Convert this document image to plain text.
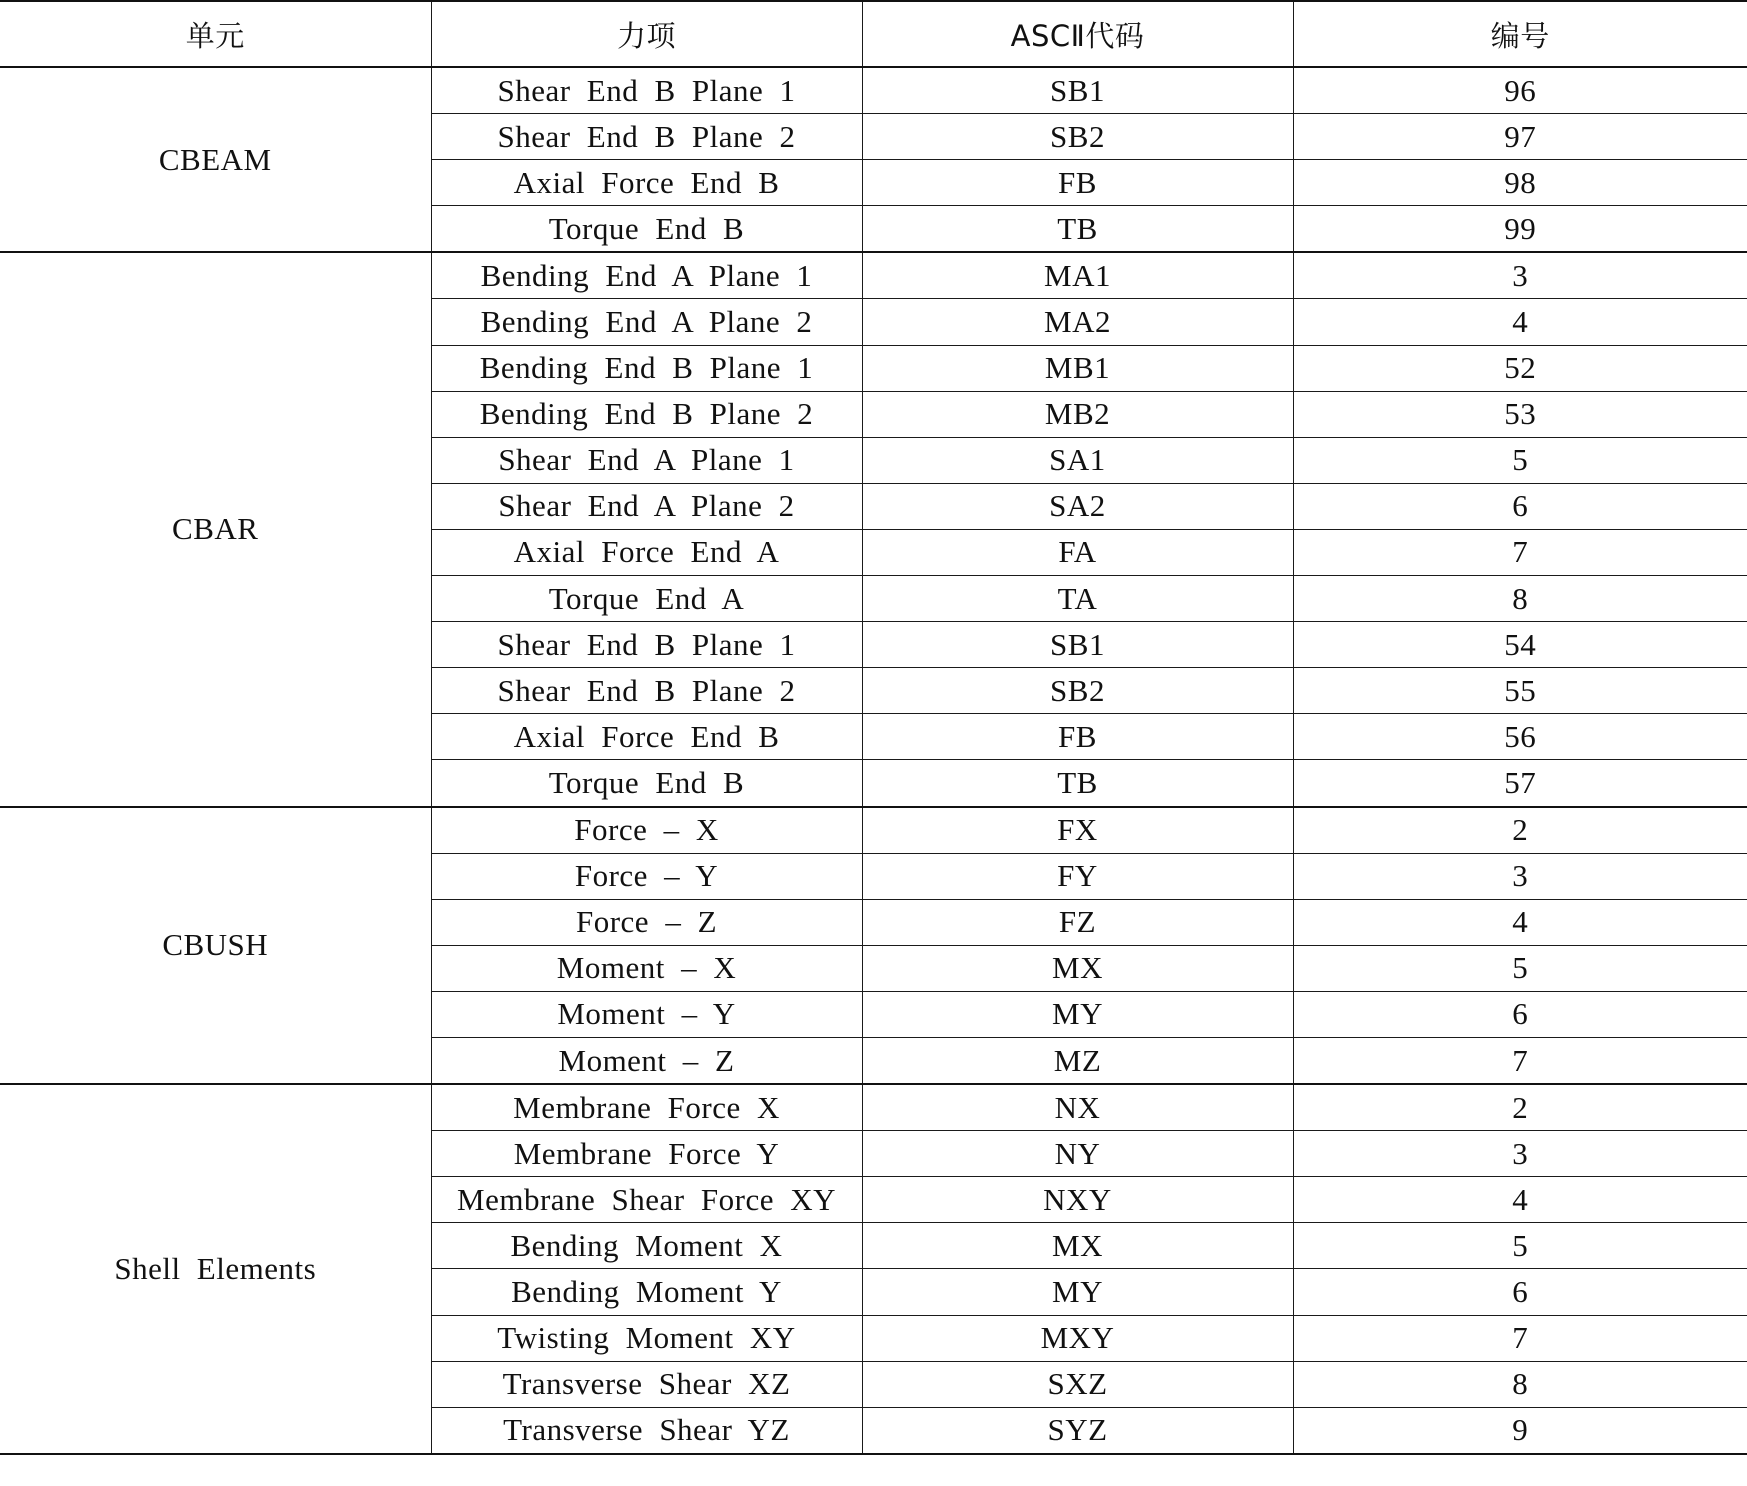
单元	力项	ASCⅡ代码	编号
CBEAM	Shear End B Plane 1	SB1	96
	Shear End B Plane 2	SB2	97
	Axial Force End B	FB	98
	Torque End B	TB	99
CBAR	Bending End A Plane 1	MA1	3
	Bending End A Plane 2	MA2	4
	Bending End B Plane 1	MB1	52
	Bending End B Plane 2	MB2	53
	Shear End A Plane 1	SA1	5
	Shear End A Plane 2	SA2	6
	Axial Force End A	FA	7
	Torque End A	TA	8
	Shear End B Plane 1	SB1	54
	Shear End B Plane 2	SB2	55
	Axial Force End B	FB	56
	Torque End B	TB	57
CBUSH	Force – X	FX	2
	Force – Y	FY	3
	Force – Z	FZ	4
	Moment – X	MX	5
	Moment – Y	MY	6
	Moment – Z	MZ	7
Shell Elements	Membrane Force X	NX	2
	Membrane Force Y	NY	3
	Membrane Shear Force XY	NXY	4
	Bending Moment X	MX	5
	Bending Moment Y	MY	6
	Twisting Moment XY	MXY	7
	Transverse Shear XZ	SXZ	8
	Transverse Shear YZ	SYZ	9
